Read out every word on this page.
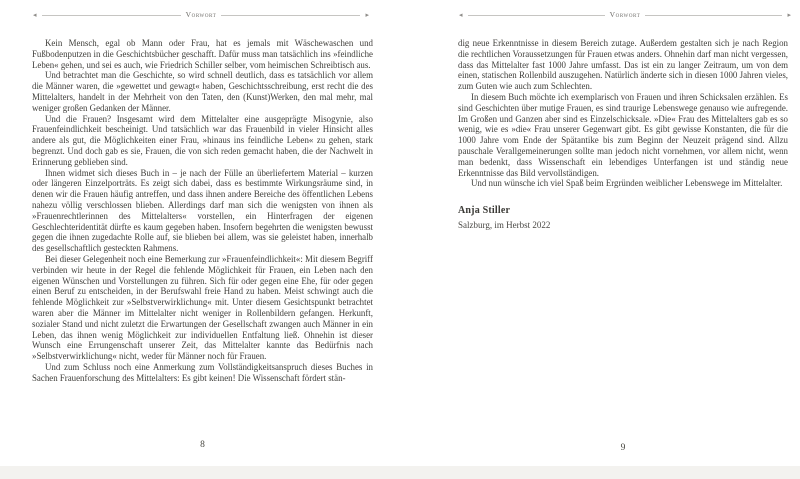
◂	Vorwort	▸	◂	Vorwort	▸

Kein Mensch, egal ob Mann oder Frau, hat es jemals mit Wäschewaschen und Fußbodenputzen in die Geschichtsbücher geschafft. Dafür muss man tatsächlich ins »feindliche Leben« gehen, und sei es auch, wie Friedrich Schiller selber, vom heimischen Schreibtisch aus.

Und betrachtet man die Geschichte, so wird schnell deutlich, dass es tatsächlich vor allem die Männer waren, die »gewettet und gewagt« haben, Geschichtsschreibung, erst recht die des Mittelalters, handelt in der Mehrheit von den Taten, den (Kunst)Werken, den mal mehr, mal weniger großen Gedanken der Männer.

Und die Frauen? Insgesamt wird dem Mittelalter eine ausgeprägte Misogynie, also Frauenfeindlichkeit bescheinigt. Und tatsächlich war das Frauenbild in vieler Hinsicht alles andere als gut, die Möglichkeiten einer Frau, »hinaus ins feindliche Leben« zu gehen, stark begrenzt. Und doch gab es sie, Frauen, die von sich reden gemacht haben, die der Nachwelt in Erinnerung geblieben sind.

Ihnen widmet sich dieses Buch in – je nach der Fülle an überliefertem Material – kurzen oder längeren Einzelporträts. Es zeigt sich dabei, dass es bestimmte Wirkungsräume sind, in denen wir die Frauen häufig antreffen, und dass ihnen andere Bereiche des öffentlichen Lebens nahezu völlig verschlossen blieben. Allerdings darf man sich die wenigsten von ihnen als »Frauenrechtlerinnen des Mittelalters« vorstellen, ein Hinterfragen der eigenen Geschlechteridentität dürfte es kaum gegeben haben. Insofern begehrten die wenigsten bewusst gegen die ihnen zugedachte Rolle auf, sie blieben bei allem, was sie geleistet haben, innerhalb des gesellschaftlich gesteckten Rahmens.

Bei dieser Gelegenheit noch eine Bemerkung zur »Frauenfeindlichkeit«: Mit diesem Begriff verbinden wir heute in der Regel die fehlende Möglichkeit für Frauen, ein Leben nach den eigenen Wünschen und Vorstellungen zu führen. Sich für oder gegen eine Ehe, für oder gegen einen Beruf zu entscheiden, in der Berufswahl freie Hand zu haben. Meist schwingt auch die fehlende Möglichkeit zur »Selbstverwirklichung« mit. Unter diesem Gesichtspunkt betrachtet waren aber die Männer im Mittelalter nicht weniger in Rollenbildern gefangen. Herkunft, sozialer Stand und nicht zuletzt die Erwartungen der Gesellschaft zwangen auch Männer in ein Leben, das ihnen wenig Möglichkeit zur individuellen Entfaltung ließ. Ohnehin ist dieser Wunsch eine Errungenschaft unserer Zeit, das Mittelalter kannte das Bedürfnis nach »Selbstverwirklichung« nicht, weder für Männer noch für Frauen.

Und zum Schluss noch eine Anmerkung zum Vollständigkeitsanspruch dieses Buches in Sachen Frauenforschung des Mittelalters: Es gibt keinen! Die Wissenschaft fördert stän-

dig neue Erkenntnisse in diesem Bereich zutage. Außerdem gestalten sich je nach Region die rechtlichen Voraussetzungen für Frauen etwas anders. Ohnehin darf man nicht vergessen, dass das Mittelalter fast 1000 Jahre umfasst. Das ist ein zu langer Zeitraum, um von dem einen, statischen Rollenbild auszugehen. Natürlich änderte sich in diesen 1000 Jahren vieles, zum Guten wie auch zum Schlechten.

In diesem Buch möchte ich exemplarisch von Frauen und ihren Schicksalen erzählen. Es sind Geschichten über mutige Frauen, es sind traurige Lebenswege genauso wie aufregende. Im Großen und Ganzen aber sind es Einzelschicksale. »Die« Frau des Mittelalters gab es so wenig, wie es »die« Frau unserer Gegenwart gibt. Es gibt gewisse Konstanten, die für die 1000 Jahre vom Ende der Spätantike bis zum Beginn der Neuzeit prägend sind. Allzu pauschale Verallgemeinerungen sollte man jedoch nicht vornehmen, vor allem nicht, wenn man bedenkt, dass Wissenschaft ein lebendiges Unterfangen ist und ständig neue Erkenntnisse das Bild vervollständigen.

Und nun wünsche ich viel Spaß beim Ergründen weiblicher Lebenswege im Mittelalter.

Anja Stiller
Salzburg, im Herbst 2022
8	9
